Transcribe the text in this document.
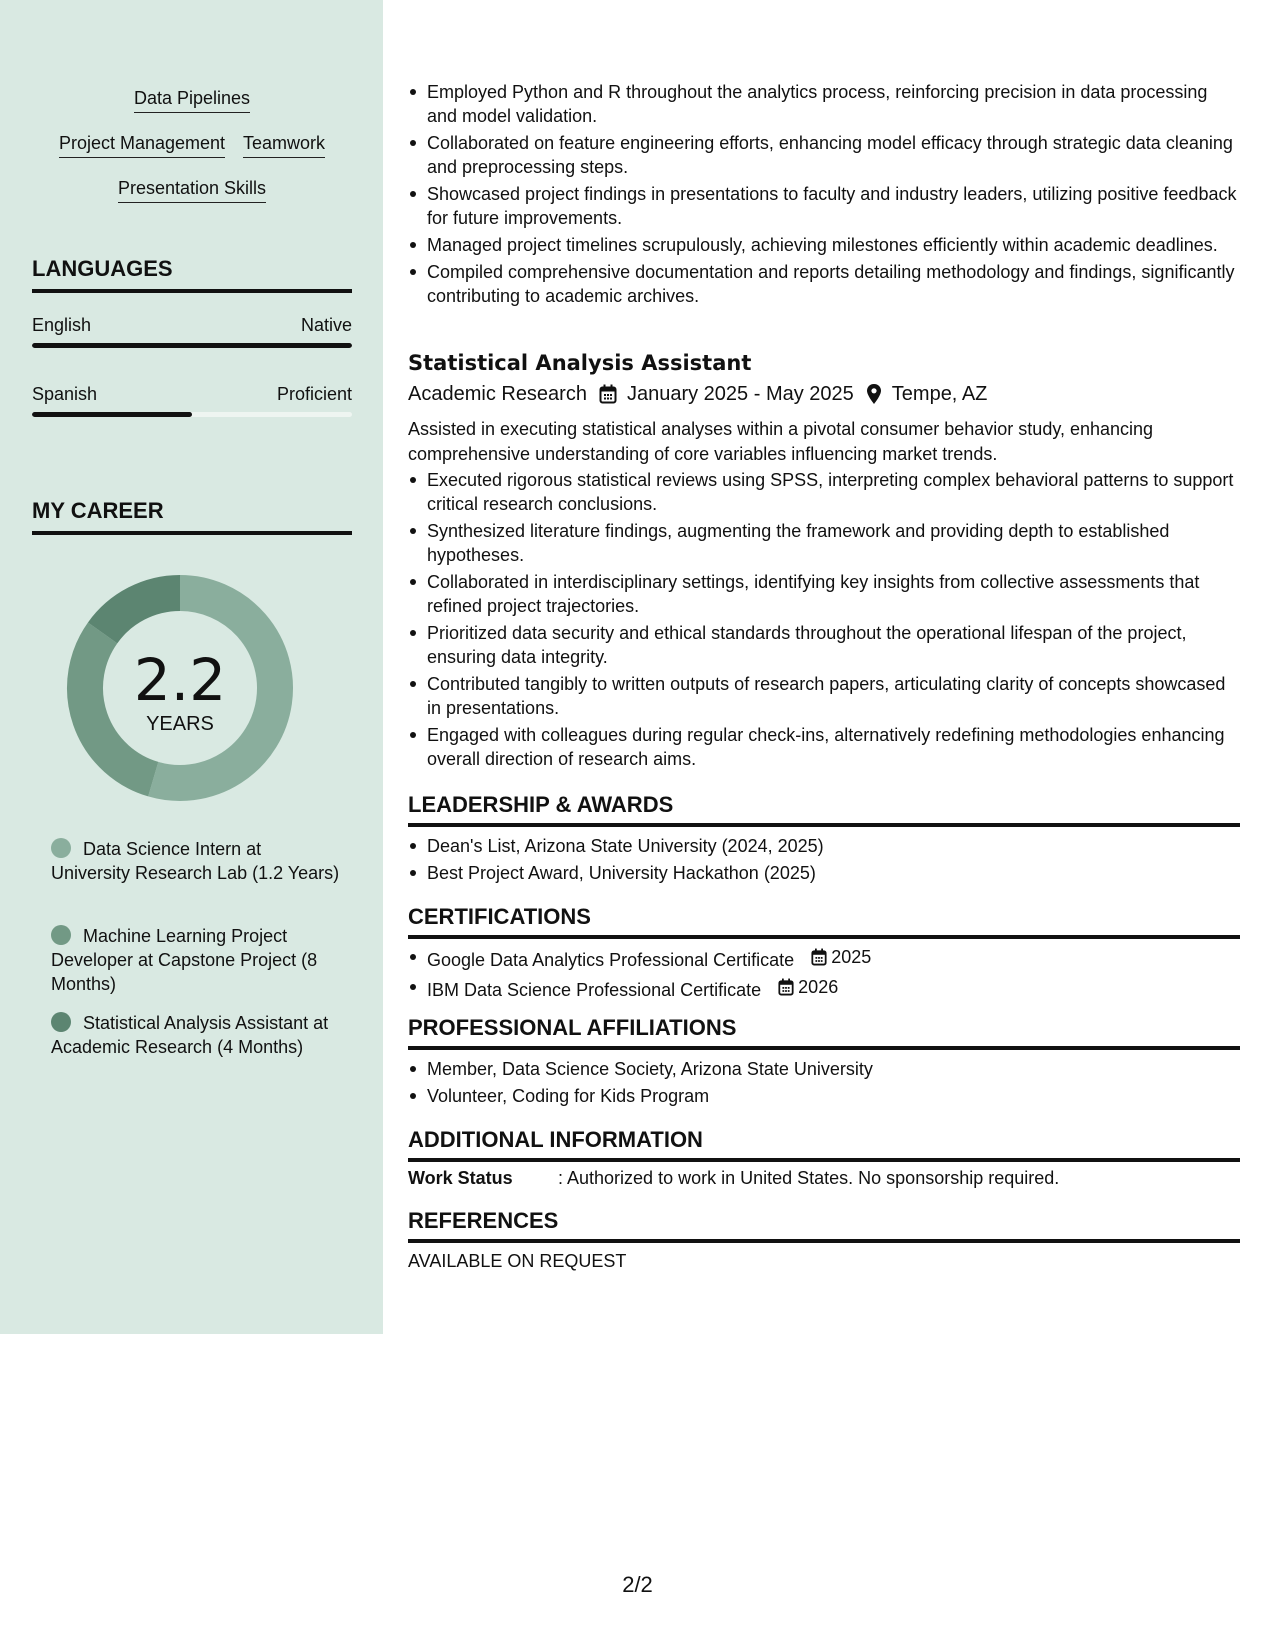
Data Pipelines
Project Management Teamwork
Presentation Skills
LANGUAGES
English	Native
Spanish	Proficient
MY CAREER
2.2
YEARS
Data Science Intern at University Research Lab (1.2 Years)
Machine Learning Project Developer at Capstone Project (8 Months)
Statistical Analysis Assistant at Academic Research (4 Months)
Employed Python and R throughout the analytics process, reinforcing precision in data processing and model validation.
Collaborated on feature engineering efforts, enhancing model efficacy through strategic data cleaning and preprocessing steps.
Showcased project findings in presentations to faculty and industry leaders, utilizing positive feedback for future improvements.
Managed project timelines scrupulously, achieving milestones efficiently within academic deadlines.
Compiled comprehensive documentation and reports detailing methodology and findings, significantly contributing to academic archives.
Statistical Analysis Assistant
Academic Research January 2025 - May 2025 Tempe, AZ
Assisted in executing statistical analyses within a pivotal consumer behavior study, enhancing comprehensive understanding of core variables influencing market trends.
Executed rigorous statistical reviews using SPSS, interpreting complex behavioral patterns to support critical research conclusions.
Synthesized literature findings, augmenting the framework and providing depth to established hypotheses.
Collaborated in interdisciplinary settings, identifying key insights from collective assessments that refined project trajectories.
Prioritized data security and ethical standards throughout the operational lifespan of the project, ensuring data integrity.
Contributed tangibly to written outputs of research papers, articulating clarity of concepts showcased in presentations.
Engaged with colleagues during regular check-ins, alternatively redefining methodologies enhancing overall direction of research aims.
LEADERSHIP & AWARDS
Dean's List, Arizona State University (2024, 2025)
Best Project Award, University Hackathon (2025)
CERTIFICATIONS
Google Data Analytics Professional Certificate 2025
IBM Data Science Professional Certificate 2026
PROFESSIONAL AFFILIATIONS
Member, Data Science Society, Arizona State University
Volunteer, Coding for Kids Program
ADDITIONAL INFORMATION
Work Status	: Authorized to work in United States. No sponsorship required.
REFERENCES
AVAILABLE ON REQUEST
2/2
